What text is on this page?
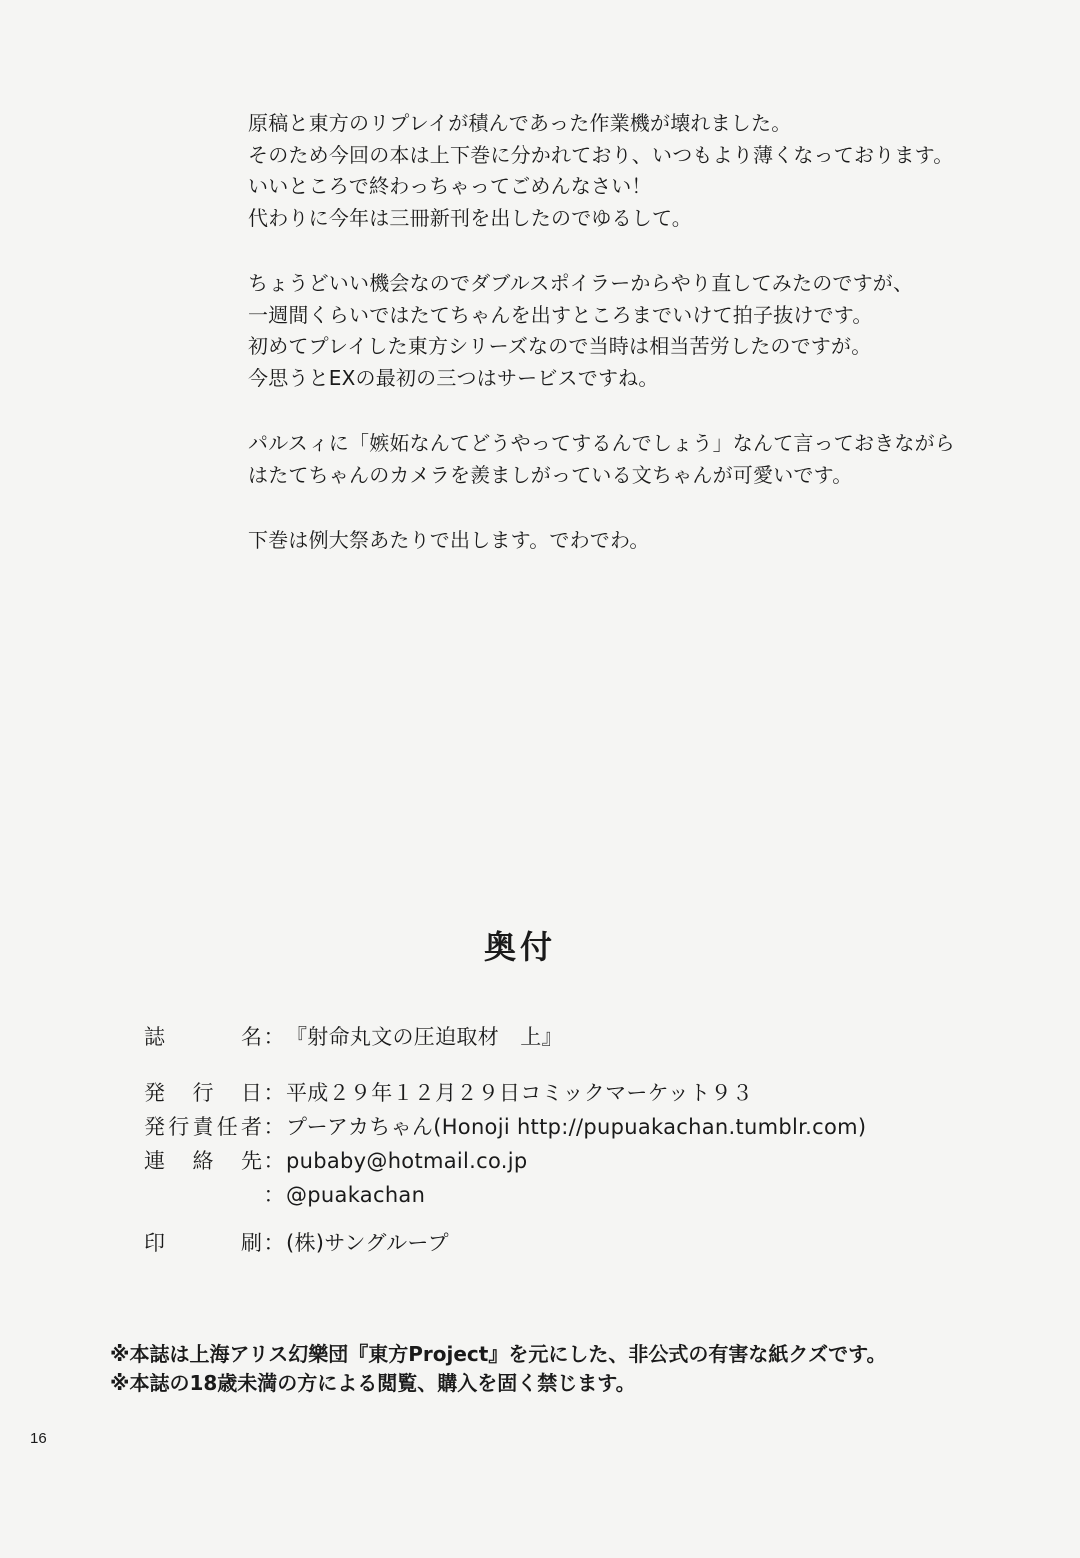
原稿と東方のリプレイが積んであった作業機が壊れました。
そのため今回の本は上下巻に分かれており、いつもより薄くなっております。
いいところで終わっちゃってごめんなさい！
代わりに今年は三冊新刊を出したのでゆるして。
ちょうどいい機会なのでダブルスポイラーからやり直してみたのですが、
一週間くらいではたてちゃんを出すところまでいけて拍子抜けです。
初めてプレイした東方シリーズなので当時は相当苦労したのですが。
今思うとEXの最初の三つはサービスですね。
パルスィに「嫉妬なんてどうやってするんでしょう」なんて言っておきながら
はたてちゃんのカメラを羨ましがっている文ちゃんが可愛いです。
下巻は例大祭あたりで出します。でわでわ。
奥付
誌	名 ： 『射命丸文の圧迫取材　上』
発 行 日 ： 平成２９年１２月２９日コミックマーケット９３
発 行 責 任 者 ： プーアカちゃん(Honoji http://pupuakachan.tumblr.com)
連 絡 先 ： pubaby@hotmail.co.jp
： @puakachan
印	刷 ： (株)サングループ
※本誌は上海アリス幻樂団『東方Project』を元にした、非公式の有害な紙クズです。
※本誌の18歳未満の方による閲覧、購入を固く禁じます。
16
